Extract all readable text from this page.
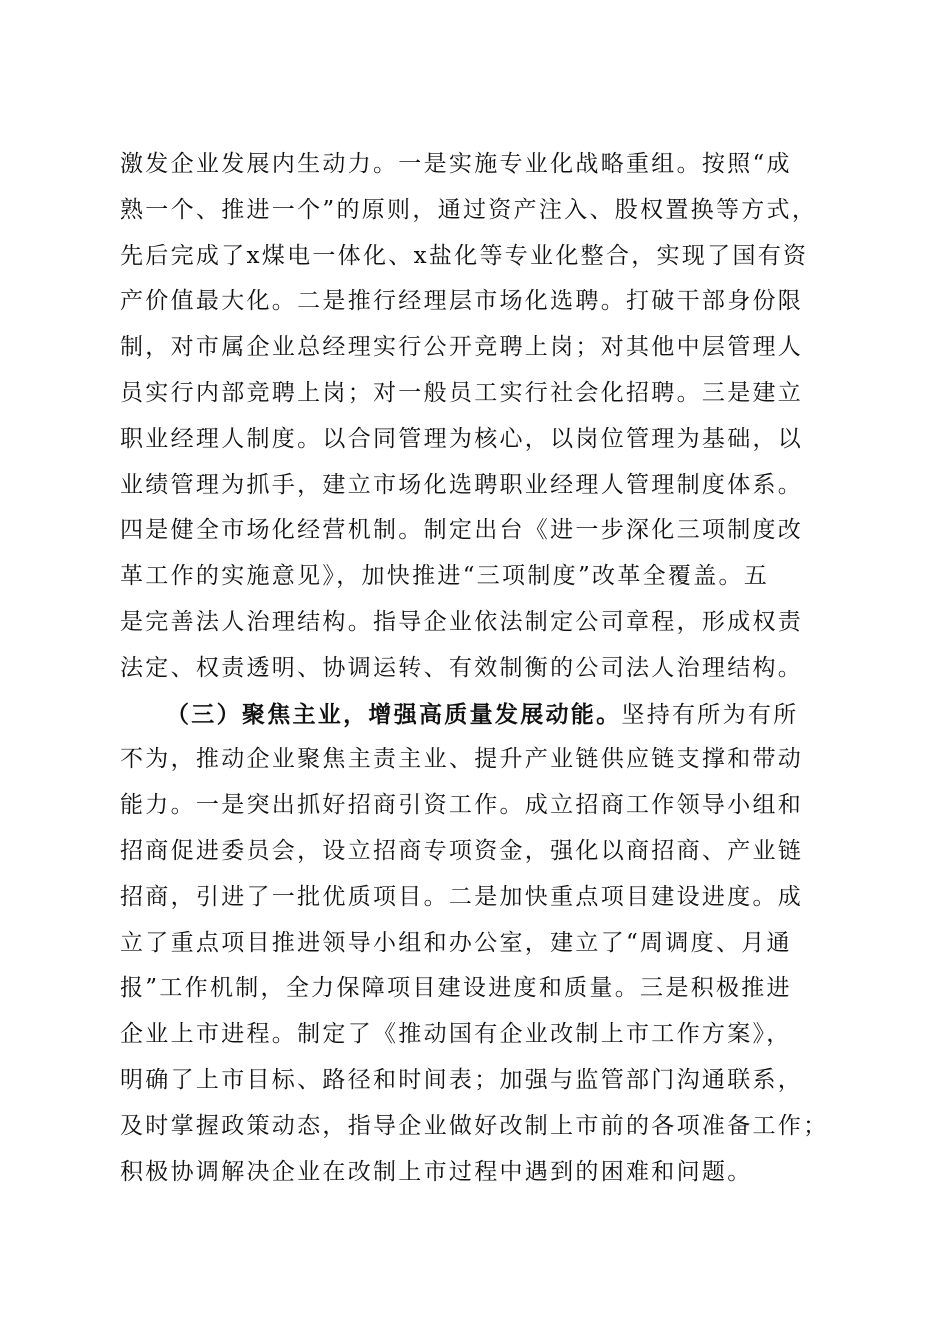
激发企业发展内生动力。一是实施专业化战略重组。按照“成
熟一个、推进一个”的原则，通过资产注入、股权置换等方式，
先后完成了x煤电一体化、x盐化等专业化整合，实现了国有资
产价值最大化。二是推行经理层市场化选聘。打破干部身份限
制，对市属企业总经理实行公开竞聘上岗；对其他中层管理人
员实行内部竞聘上岗；对一般员工实行社会化招聘。三是建立
职业经理人制度。以合同管理为核心，以岗位管理为基础，以
业绩管理为抓手，建立市场化选聘职业经理人管理制度体系。
四是健全市场化经营机制。制定出台《进一步深化三项制度改
革工作的实施意见》，加快推进“三项制度”改革全覆盖。五
是完善法人治理结构。指导企业依法制定公司章程，形成权责
法定、权责透明、协调运转、有效制衡的公司法人治理结构。
（三）聚焦主业，增强高质量发展动能。坚持有所为有所
不为，推动企业聚焦主责主业、提升产业链供应链支撑和带动
能力。一是突出抓好招商引资工作。成立招商工作领导小组和
招商促进委员会，设立招商专项资金，强化以商招商、产业链
招商，引进了一批优质项目。二是加快重点项目建设进度。成
立了重点项目推进领导小组和办公室，建立了“周调度、月通
报”工作机制，全力保障项目建设进度和质量。三是积极推进
企业上市进程。制定了《推动国有企业改制上市工作方案》，
明确了上市目标、路径和时间表；加强与监管部门沟通联系，
及时掌握政策动态，指导企业做好改制上市前的各项准备工作；
积极协调解决企业在改制上市过程中遇到的困难和问题。
